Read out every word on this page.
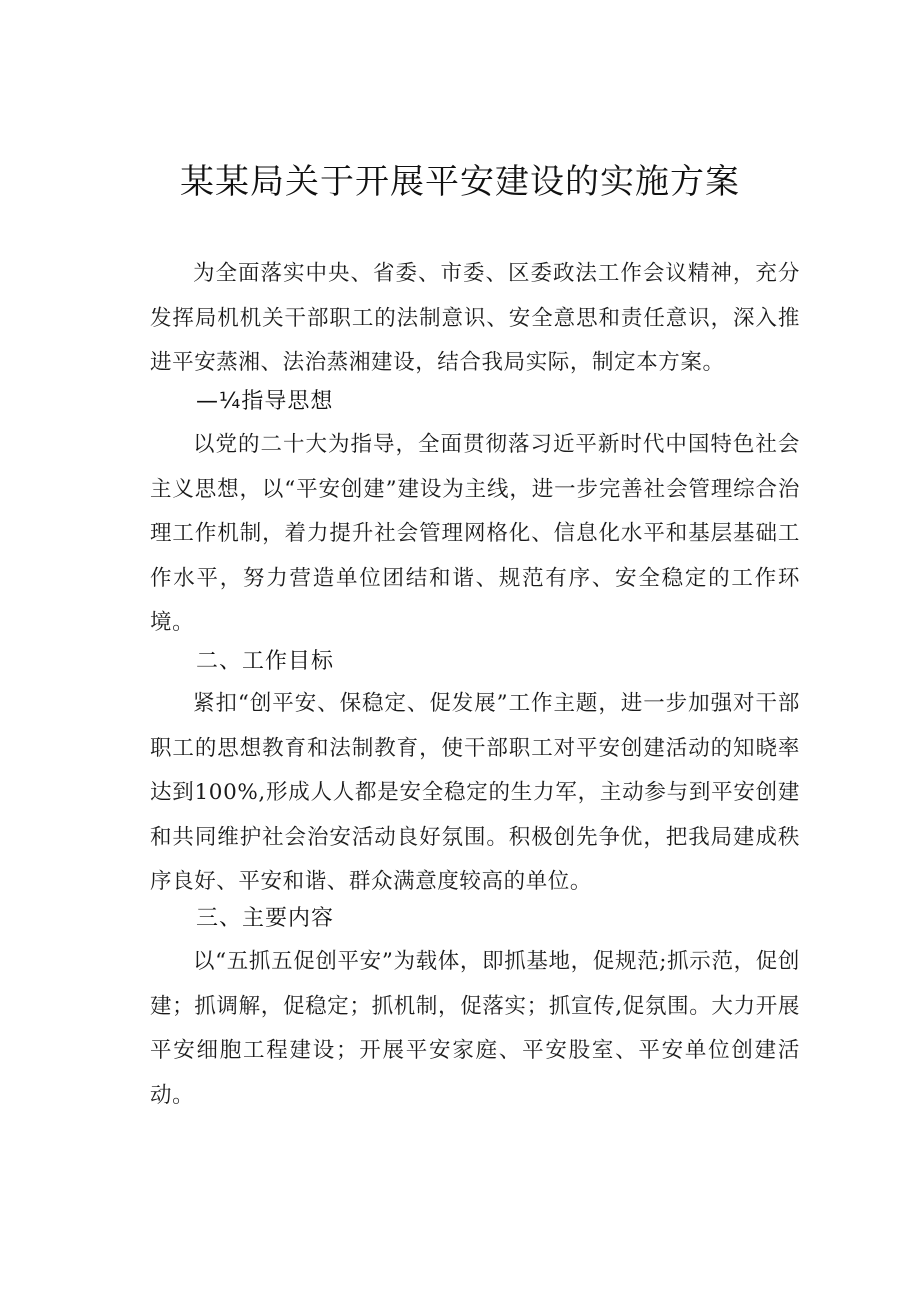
某某局关于开展平安建设的实施方案

为全面落实中央、省委、市委、区委政法工作会议精神，充分发挥局机机关干部职工的法制意识、安全意思和责任意识，深入推进平安蒸湘、法治蒸湘建设，结合我局实际，制定本方案。

—¼指导思想

以党的二十大为指导，全面贯彻落习近平新时代中国特色社会主义思想，以“平安创建”建设为主线，进一步完善社会管理综合治理工作机制，着力提升社会管理网格化、信息化水平和基层基础工作水平，努力营造单位团结和谐、规范有序、安全稳定的工作环境。

二、工作目标

紧扣“创平安、保稳定、促发展”工作主题，进一步加强对干部职工的思想教育和法制教育，使干部职工对平安创建活动的知晓率达到100%,形成人人都是安全稳定的生力军，主动参与到平安创建和共同维护社会治安活动良好氛围。积极创先争优，把我局建成秩序良好、平安和谐、群众满意度较高的单位。

三、主要内容

以“五抓五促创平安”为载体，即抓基地，促规范;抓示范，促创建；抓调解，促稳定；抓机制，促落实；抓宣传,促氛围。大力开展平安细胞工程建设；开展平安家庭、平安股室、平安单位创建活动。
